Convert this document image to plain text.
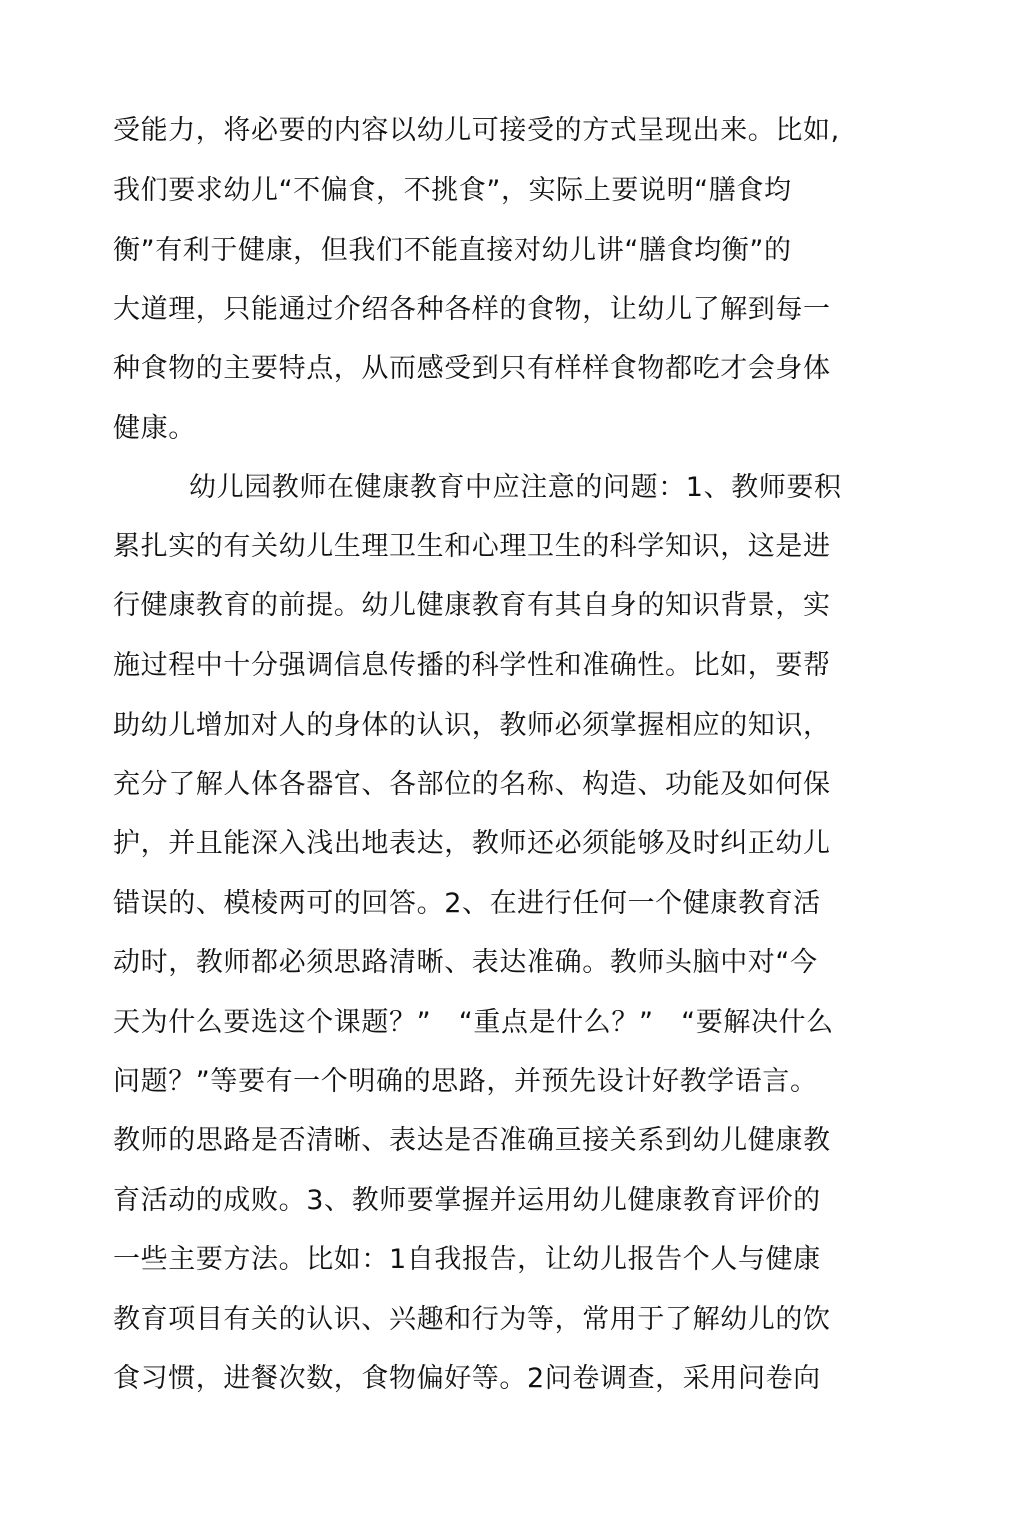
受能力，将必要的内容以幼儿可接受的方式呈现出来。比如,
我们要求幼儿“不偏食，不挑食”，实际上要说明“膳食均
衡”有利于健康，但我们不能直接对幼儿讲“膳食均衡”的
大道理，只能通过介绍各种各样的食物，让幼儿了解到每一
种食物的主要特点，从而感受到只有样样食物都吃才会身体
健康。
幼儿园教师在健康教育中应注意的问题：1、教师要积
累扎实的有关幼儿生理卫生和心理卫生的科学知识，这是进
行健康教育的前提。幼儿健康教育有其自身的知识背景，实
施过程中十分强调信息传播的科学性和准确性。比如，要帮
助幼儿增加对人的身体的认识，教师必须掌握相应的知识，
充分了解人体各器官、各部位的名称、构造、功能及如何保
护，并且能深入浅出地表达，教师还必须能够及时纠正幼儿
错误的、模棱两可的回答。2、在进行任何一个健康教育活
动时，教师都必须思路清晰、表达准确。教师头脑中对“今
天为什么要选这个课题？”　“重点是什么？”　“要解决什么
问题？”等要有一个明确的思路，并预先设计好教学语言。
教师的思路是否清晰、表达是否准确亘接关系到幼儿健康教
育活动的成败。3、教师要掌握并运用幼儿健康教育评价的
一些主要方法。比如：1自我报告，让幼儿报告个人与健康
教育项目有关的认识、兴趣和行为等，常用于了解幼儿的饮
食习惯，进餐次数，食物偏好等。2问卷调查，采用问卷向
